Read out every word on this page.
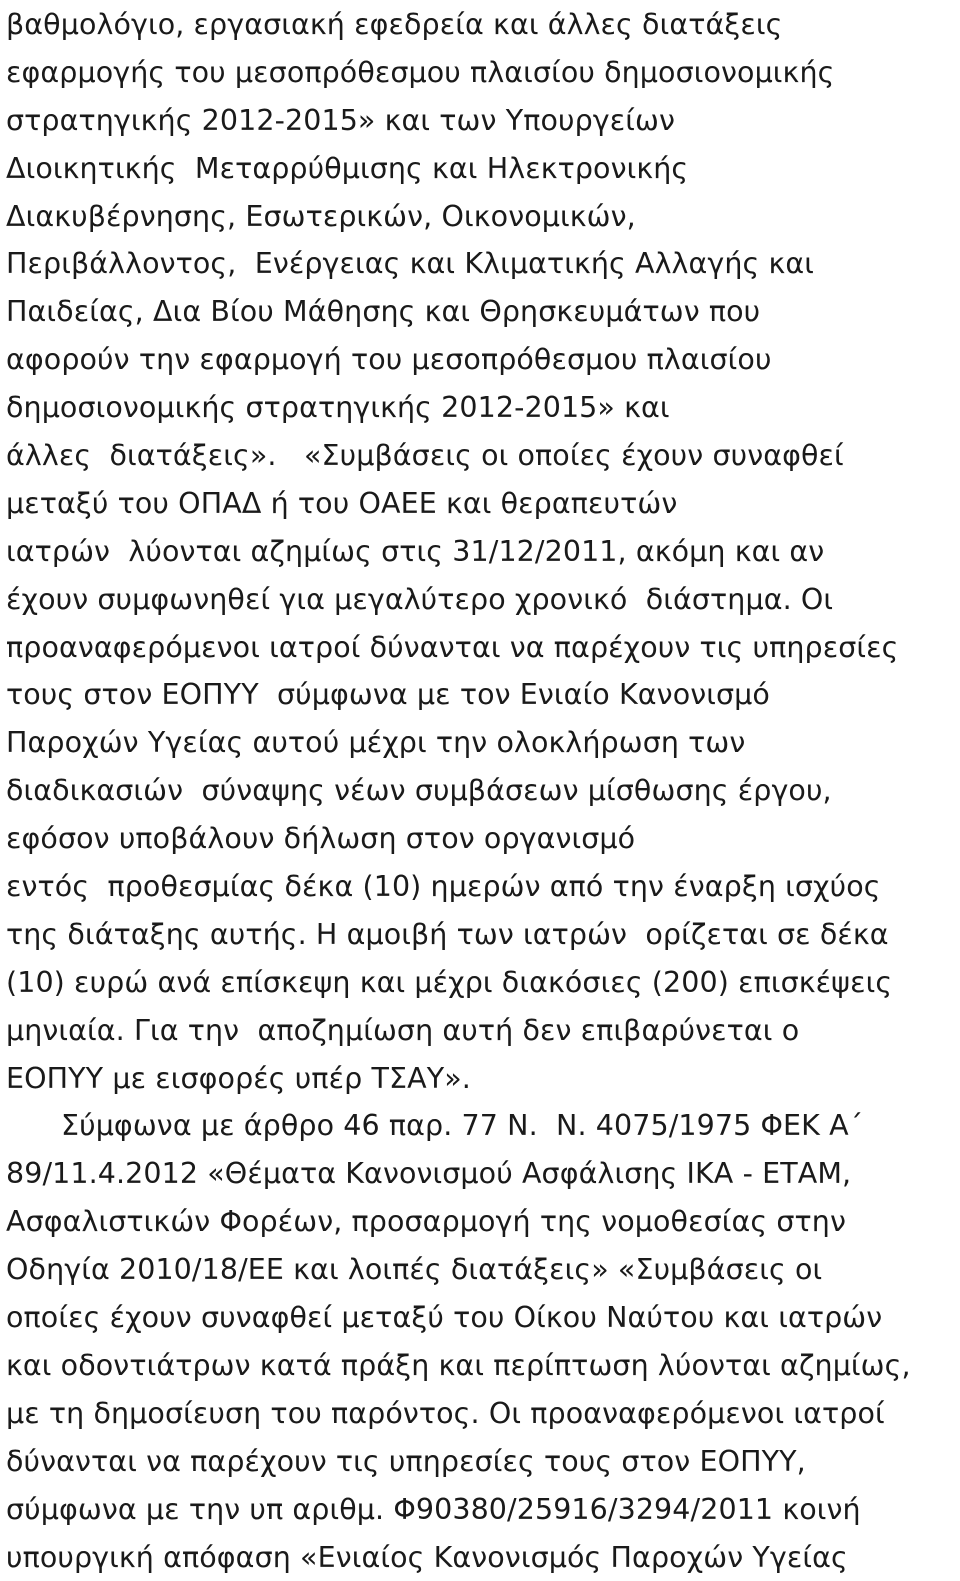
βαθμολόγιο, εργασιακή εφεδρεία και άλλες διατάξεις
εφαρμογής του μεσοπρόθεσμου πλαισίου δημοσιονομικής
στρατηγικής 2012-2015» και των Υπουργείων
Διοικητικής  Μεταρρύθμισης και Ηλεκτρονικής
Διακυβέρνησης, Εσωτερικών, Οικονομικών,
Περιβάλλοντος,  Ενέργειας και Κλιματικής Αλλαγής και
Παιδείας, Δια Βίου Μάθησης και Θρησκευμάτων που
αφορούν την εφαρμογή του μεσοπρόθεσμου πλαισίου
δημοσιονομικής στρατηγικής 2012-2015» και
άλλες  διατάξεις».   «Συμβάσεις οι οποίες έχουν συναφθεί
μεταξύ του ΟΠΑΔ ή του ΟΑΕΕ και θεραπευτών
ιατρών  λύονται αζημίως στις 31/12/2011, ακόμη και αν
έχουν συμφωνηθεί για μεγαλύτερο χρονικό  διάστημα. Οι
προαναφερόμενοι ιατροί δύνανται να παρέχουν τις υπηρεσίες
τους στον ΕΟΠΥΥ  σύμφωνα με τον Ενιαίο Κανονισμό
Παροχών Υγείας αυτού μέχρι την ολοκλήρωση των
διαδικασιών  σύναψης νέων συμβάσεων μίσθωσης έργου,
εφόσον υποβάλουν δήλωση στον οργανισμό
εντός  προθεσμίας δέκα (10) ημερών από την έναρξη ισχύος
της διάταξης αυτής. Η αμοιβή των ιατρών  ορίζεται σε δέκα
(10) ευρώ ανά επίσκεψη και μέχρι διακόσιες (200) επισκέψεις
μηνιαία. Για την  αποζημίωση αυτή δεν επιβαρύνεται ο
ΕΟΠΥΥ με εισφορές υπέρ ΤΣΑΥ».
Σύμφωνα με άρθρο 46 παρ. 77 Ν.  Ν. 4075/1975 ΦΕΚ Α΄
89/11.4.2012 «Θέματα Κανονισμού Ασφάλισης ΙΚΑ - ΕΤΑΜ,
Ασφαλιστικών Φορέων, προσαρμογή της νομοθεσίας στην
Οδηγία 2010/18/ΕΕ και λοιπές διατάξεις» «Συμβάσεις οι
οποίες έχουν συναφθεί μεταξύ του Οίκου Ναύτου και ιατρών
και οδοντιάτρων κατά πράξη και περίπτωση λύονται αζημίως,
με τη δημοσίευση του παρόντος. Οι προαναφερόμενοι ιατροί
δύνανται να παρέχουν τις υπηρεσίες τους στον ΕΟΠΥΥ,
σύμφωνα με την υπ αριθμ. Φ90380/25916/3294/2011 κοινή
υπουργική απόφαση «Ενιαίος Κανονισμός Παροχών Υγείας
